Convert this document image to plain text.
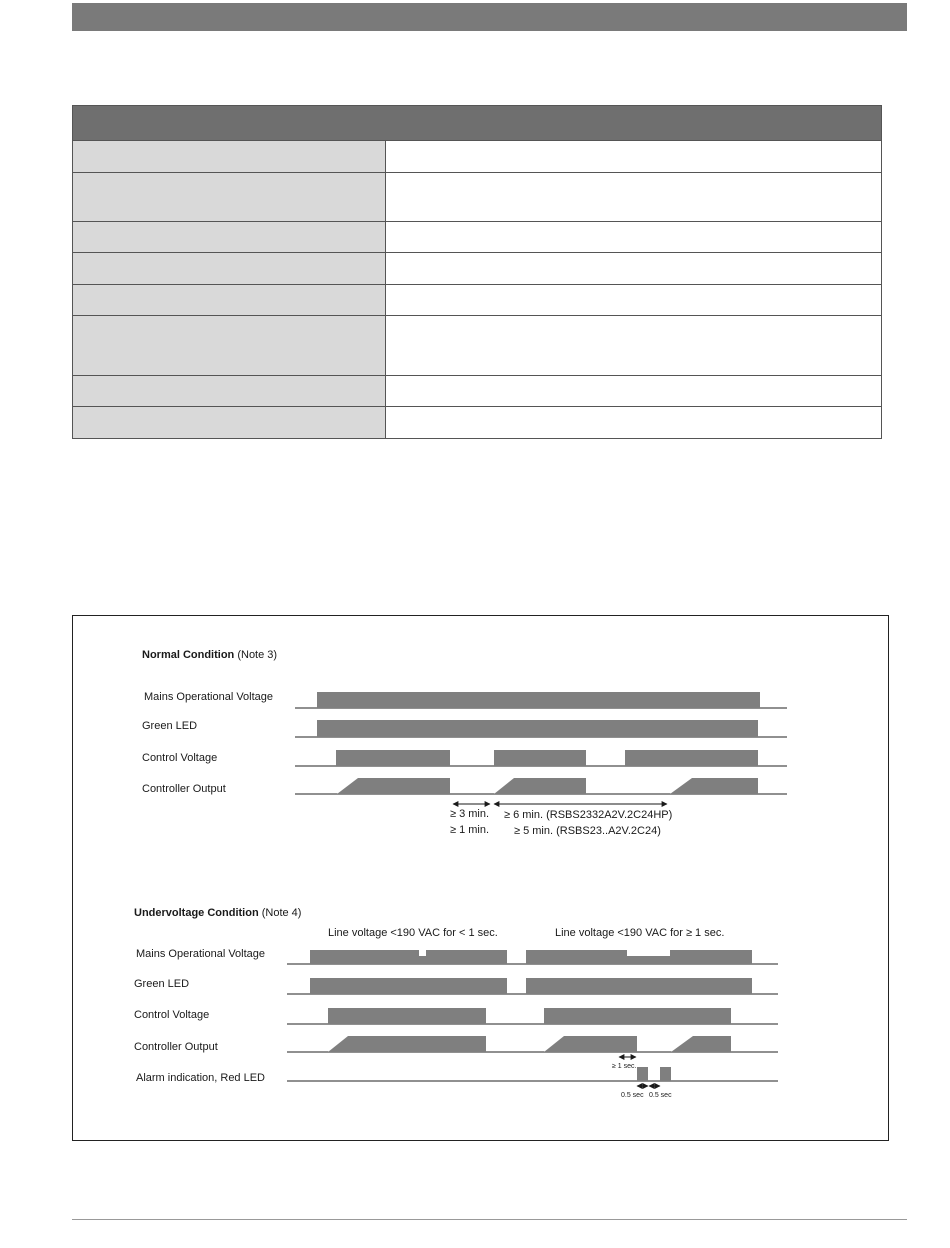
Normal Condition (Note 3)
Mains Operational Voltage
Green LED
Control Voltage
Controller Output
≥ 3 min.
≥ 1 min.
≥ 6 min. (RSBS2332A2V.2C24HP)
≥ 5 min. (RSBS23..A2V.2C24)
Undervoltage Condition (Note 4)
Line voltage <190 VAC for < 1 sec.	Line voltage <190 VAC for ≥ 1 sec.
Mains Operational Voltage
Green LED
Control Voltage
Controller Output
Alarm indication, Red LED
≥ 1 sec.
0.5 sec 0.5 sec
